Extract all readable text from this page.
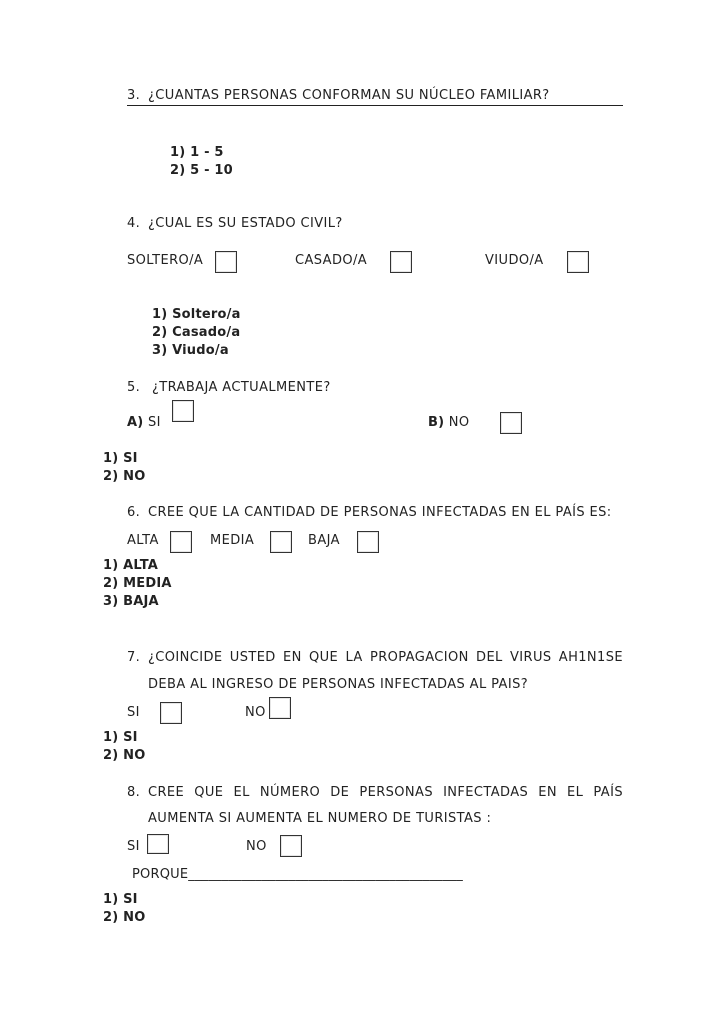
3. ¿CUANTAS PERSONAS CONFORMAN SU NÚCLEO FAMILIAR?
1) 1 - 5
2) 5 - 10
4. ¿CUAL ES SU ESTADO CIVIL?
SOLTERO/A	CASADO/A	VIUDO/A
1) Soltero/a
2) Casado/a
3) Viudo/a
5. ¿TRABAJA ACTUALMENTE?
A) SI	B) NO
1) SI
2) NO
6. CREE QUE LA CANTIDAD DE PERSONAS INFECTADAS EN EL PAÍS ES:
ALTA	MEDIA	BAJA
1) ALTA
2) MEDIA
3) BAJA
7. ¿COINCIDE USTED EN QUE LA PROPAGACION DEL VIRUS AH1N1SE
DEBA AL INGRESO DE PERSONAS INFECTADAS AL PAIS?
SI	NO
1) SI
2) NO
8. CREE QUE EL NÚMERO DE PERSONAS INFECTADAS EN EL PAÍS
AUMENTA SI AUMENTA EL NUMERO DE TURISTAS :
SI	NO
PORQUE_________________________________________
1) SI
2) NO
